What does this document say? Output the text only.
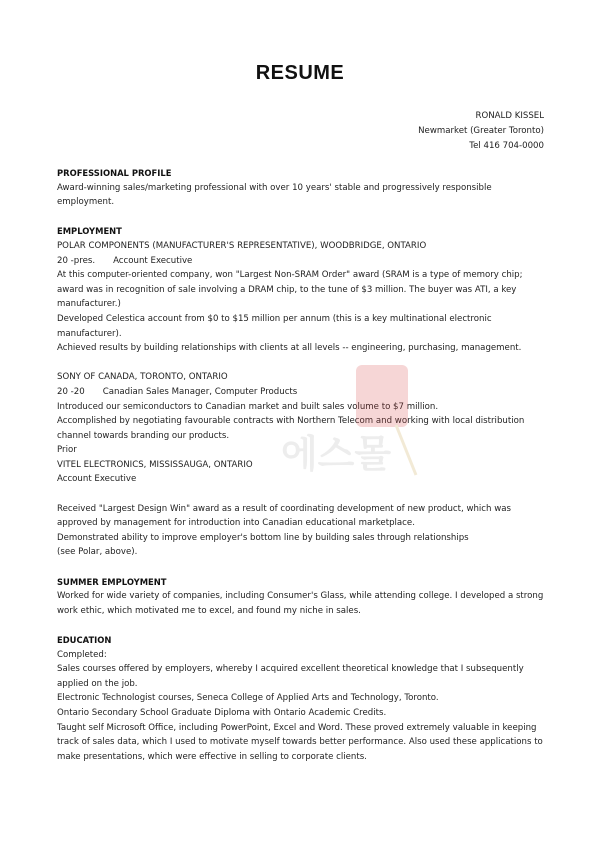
RESUME
RONALD KISSEL
Newmarket (Greater Toronto)
Tel 416 704-0000

PROFESSIONAL PROFILE

Award-winning sales/marketing professional with over 10 years' stable and progressively responsible employment.

EMPLOYMENT

POLAR COMPONENTS (MANUFACTURER'S REPRESENTATIVE), WOODBRIDGE, ONTARIO

20 -pres. Account Executive

At this computer-oriented company, won "Largest Non-SRAM Order" award (SRAM is a type of memory chip; award was in recognition of sale involving a DRAM chip, to the tune of $3 million. The buyer was ATI, a key manufacturer.)

Developed Celestica account from $0 to $15 million per annum (this is a key multinational electronic manufacturer).

Achieved results by building relationships with clients at all levels -- engineering, purchasing, management.

SONY OF CANADA, TORONTO, ONTARIO

20 -20 Canadian Sales Manager, Computer Products

Introduced our semiconductors to Canadian market and built sales volume to $7 million.

Accomplished by negotiating favourable contracts with Northern Telecom and working with local distribution channel towards branding our products.

Prior

VITEL ELECTRONICS, MISSISSAUGA, ONTARIO

Account Executive

Received "Largest Design Win" award as a result of coordinating development of new product, which was approved by management for introduction into Canadian educational marketplace.

Demonstrated ability to improve employer's bottom line by building sales through relationships

(see Polar, above).

SUMMER EMPLOYMENT

Worked for wide variety of companies, including Consumer's Glass, while attending college. I developed a strong work ethic, which motivated me to excel, and found my niche in sales.

EDUCATION

Completed:

Sales courses offered by employers, whereby I acquired excellent theoretical knowledge that I subsequently applied on the job.

Electronic Technologist courses, Seneca College of Applied Arts and Technology, Toronto.

Ontario Secondary School Graduate Diploma with Ontario Academic Credits.

Taught self Microsoft Office, including PowerPoint, Excel and Word. These proved extremely valuable in keeping track of sales data, which I used to motivate myself towards better performance. Also used these applications to make presentations, which were effective in selling to corporate clients.

에스몰
